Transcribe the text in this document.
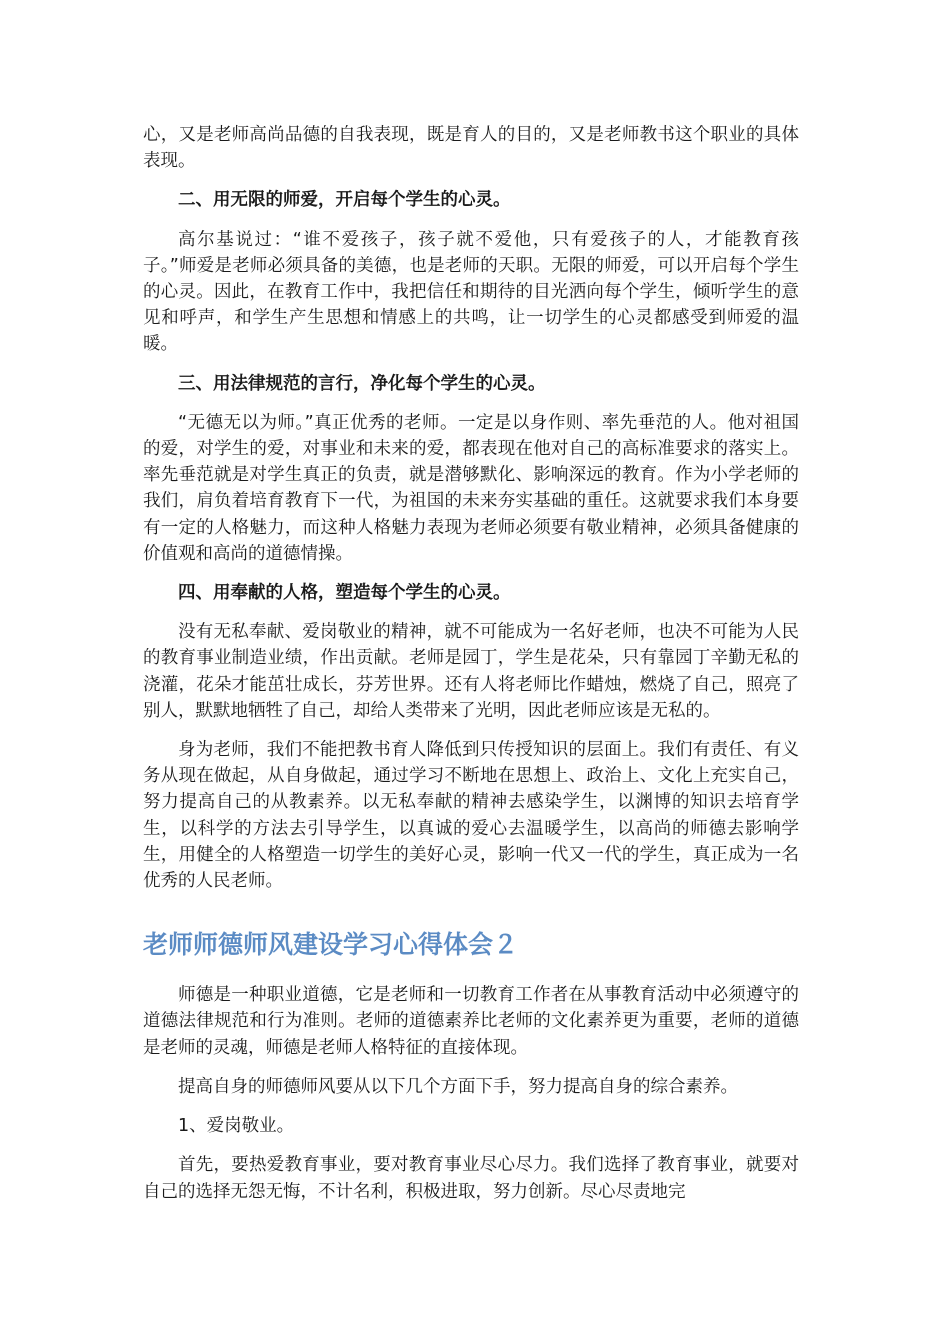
心，又是老师高尚品德的自我表现，既是育人的目的，又是老师教书这个职业的具体表现。

二、用无限的师爱，开启每个学生的心灵。

高尔基说过：“谁不爱孩子，孩子就不爱他，只有爱孩子的人，才能教育孩子。”师爱是老师必须具备的美德，也是老师的天职。无限的师爱，可以开启每个学生的心灵。因此，在教育工作中，我把信任和期待的目光洒向每个学生，倾听学生的意见和呼声，和学生产生思想和情感上的共鸣，让一切学生的心灵都感受到师爱的温暖。

三、用法律规范的言行，净化每个学生的心灵。

“无德无以为师。”真正优秀的老师。一定是以身作则、率先垂范的人。他对祖国的爱，对学生的爱，对事业和未来的爱，都表现在他对自己的高标准要求的落实上。率先垂范就是对学生真正的负责，就是潜够默化、影响深远的教育。作为小学老师的我们，肩负着培育教育下一代，为祖国的未来夯实基础的重任。这就要求我们本身要有一定的人格魅力，而这种人格魅力表现为老师必须要有敬业精神，必须具备健康的价值观和高尚的道德情操。

四、用奉献的人格，塑造每个学生的心灵。

没有无私奉献、爱岗敬业的精神，就不可能成为一名好老师，也决不可能为人民的教育事业制造业绩，作出贡献。老师是园丁，学生是花朵，只有靠园丁辛勤无私的浇灌，花朵才能茁壮成长，芬芳世界。还有人将老师比作蜡烛，燃烧了自己，照亮了别人，默默地牺牲了自己，却给人类带来了光明，因此老师应该是无私的。

身为老师，我们不能把教书育人降低到只传授知识的层面上。我们有责任、有义务从现在做起，从自身做起，通过学习不断地在思想上、政治上、文化上充实自己，努力提高自己的从教素养。以无私奉献的精神去感染学生，以渊博的知识去培育学生，以科学的方法去引导学生，以真诚的爱心去温暖学生，以高尚的师德去影响学生，用健全的人格塑造一切学生的美好心灵，影响一代又一代的学生，真正成为一名优秀的人民老师。

老师师德师风建设学习心得体会２

师德是一种职业道德，它是老师和一切教育工作者在从事教育活动中必须遵守的道德法律规范和行为准则。老师的道德素养比老师的文化素养更为重要，老师的道德是老师的灵魂，师德是老师人格特征的直接体现。

提高自身的师德师风要从以下几个方面下手，努力提高自身的综合素养。

1、爱岗敬业。

首先，要热爱教育事业，要对教育事业尽心尽力。我们选择了教育事业，就要对自己的选择无怨无悔，不计名利，积极进取，努力创新。尽心尽责地完
